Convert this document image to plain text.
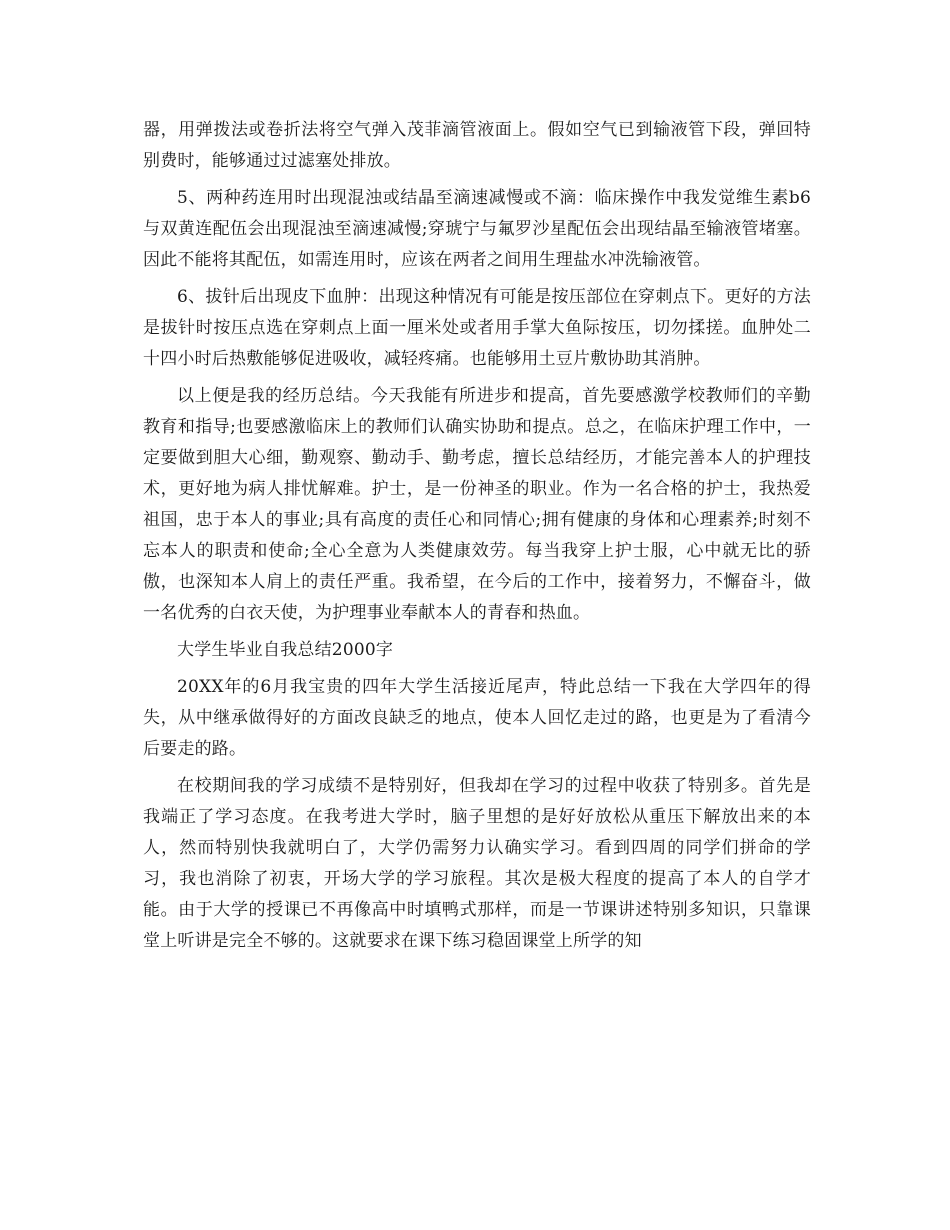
器，用弹拨法或卷折法将空气弹入茂菲滴管液面上。假如空气已到输液管下段，弹回特别费时，能够通过过滤塞处排放。

5、两种药连用时出现混浊或结晶至滴速减慢或不滴：临床操作中我发觉维生素b6与双黄连配伍会出现混浊至滴速减慢;穿琥宁与氟罗沙星配伍会出现结晶至输液管堵塞。因此不能将其配伍，如需连用时，应该在两者之间用生理盐水冲洗输液管。

6、拔针后出现皮下血肿：出现这种情况有可能是按压部位在穿刺点下。更好的方法是拔针时按压点选在穿刺点上面一厘米处或者用手掌大鱼际按压，切勿揉搓。血肿处二十四小时后热敷能够促进吸收，减轻疼痛。也能够用土豆片敷协助其消肿。

以上便是我的经历总结。今天我能有所进步和提高，首先要感激学校教师们的辛勤教育和指导;也要感激临床上的教师们认确实协助和提点。总之，在临床护理工作中，一定要做到胆大心细，勤观察、勤动手、勤考虑，擅长总结经历，才能完善本人的护理技术，更好地为病人排忧解难。护士，是一份神圣的职业。作为一名合格的护士，我热爱祖国，忠于本人的事业;具有高度的责任心和同情心;拥有健康的身体和心理素养;时刻不忘本人的职责和使命;全心全意为人类健康效劳。每当我穿上护士服，心中就无比的骄傲，也深知本人肩上的责任严重。我希望，在今后的工作中，接着努力，不懈奋斗，做一名优秀的白衣天使，为护理事业奉献本人的青春和热血。

大学生毕业自我总结2000字

20XX年的6月我宝贵的四年大学生活接近尾声，特此总结一下我在大学四年的得失，从中继承做得好的方面改良缺乏的地点，使本人回忆走过的路，也更是为了看清今后要走的路。

在校期间我的学习成绩不是特别好，但我却在学习的过程中收获了特别多。首先是我端正了学习态度。在我考进大学时，脑子里想的是好好放松从重压下解放出来的本人，然而特别快我就明白了，大学仍需努力认确实学习。看到四周的同学们拼命的学习，我也消除了初衷，开场大学的学习旅程。其次是极大程度的提高了本人的自学才能。由于大学的授课已不再像高中时填鸭式那样，而是一节课讲述特别多知识，只靠课堂上听讲是完全不够的。这就要求在课下练习稳固课堂上所学的知
